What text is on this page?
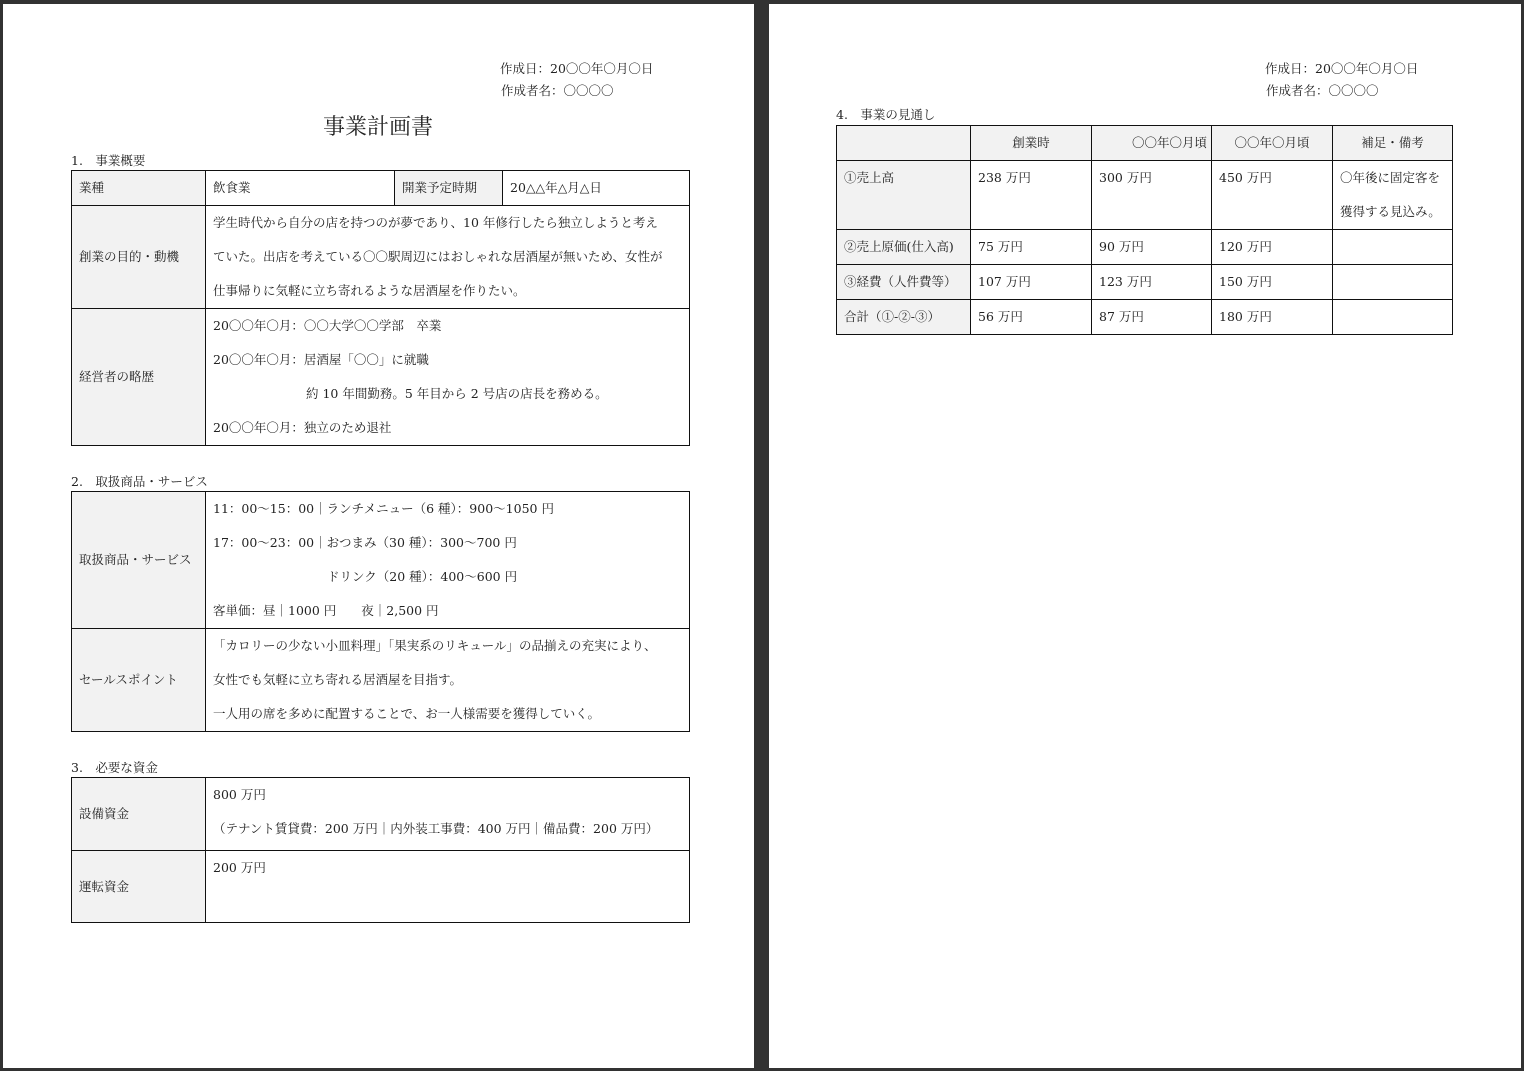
作成日：20〇〇年〇月〇日
作成者名：〇〇〇〇
事業計画書
1.　事業概要
業種	飲食業	開業予定時期	20△△年△月△日
創業の目的・動機	学生時代から自分の店を持つのが夢であり、10 年修行したら独立しようと考え
ていた。出店を考えている〇〇駅周辺にはおしゃれな居酒屋が無いため、女性が
仕事帰りに気軽に立ち寄れるような居酒屋を作りたい。		

経営者の略歴	20〇〇年〇月：〇〇大学〇〇学部　卒業
20〇〇年〇月：居酒屋「〇〇」に就職
約 10 年間勤務。5 年目から 2 号店の店長を務める。
20〇〇年〇月：独立のため退社		
2.　取扱商品・サービス
取扱商品・サービス	11：00～15：00｜ランチメニュー（6 種）：900～1050 円
17：00～23：00｜おつまみ（30 種）：300～700 円
ドリンク（20 種）：400～600 円
客単価：昼｜1000 円　　夜｜2,500 円

セールスポイント	「カロリーの少ない小皿料理」「果実系のリキュール」の品揃えの充実により、
女性でも気軽に立ち寄れる居酒屋を目指す。
一人用の席を多めに配置することで、お一人様需要を獲得していく。
3.　必要な資金
設備資金	800 万円
（テナント賃貸費：200 万円｜内外装工事費：400 万円｜備品費：200 万円）

運転資金	200 万円
作成日：20〇〇年〇月〇日
作成者名：〇〇〇〇
4.　事業の見通し
	創業時	〇〇年〇月頃	〇〇年〇月頃	補足・備考
①売上高	238 万円	300 万円	450 万円	〇年後に固定客を
獲得する見込み。

②売上原価(仕入高)	75 万円	90 万円	120 万円	
③経費（人件費等）	107 万円	123 万円	150 万円	
合計（①-②-③）	56 万円	87 万円	180 万円	
